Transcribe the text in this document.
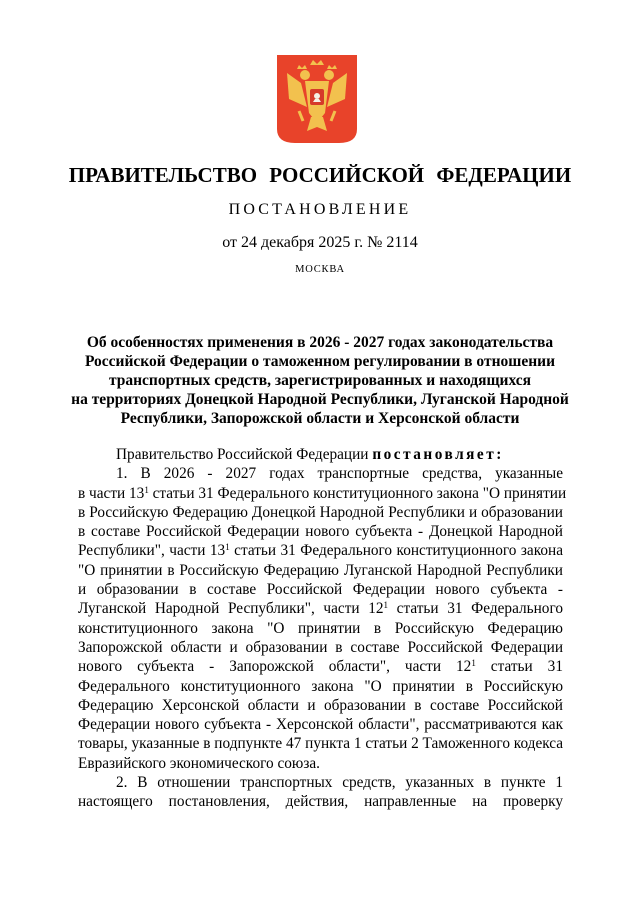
ПРАВИТЕЛЬСТВО РОССИЙСКОЙ ФЕДЕРАЦИИ
ПОСТАНОВЛЕНИЕ
от 24 декабря 2025 г. № 2114
МОСКВА
Об особенностях применения в 2026 - 2027 годах законодательства
Российской Федерации о таможенном регулировании в отношении
транспортных средств, зарегистрированных и находящихся
на территориях Донецкой Народной Республики, Луганской Народной
Республики, Запорожской области и Херсонской области
Правительство Российской Федерации постановляет:
1. В 2026 - 2027 годах транспортные средства, указанные
в части $13^1$ статьи 31 Федерального конституционного закона "О принятии
в Российскую Федерацию Донецкой Народной Республики и образовании
в составе Российской Федерации нового субъекта - Донецкой Народной
Республики", части $13^1$ статьи 31 Федерального конституционного закона
"О принятии в Российскую Федерацию Луганской Народной Республики
и образовании в составе Российской Федерации нового субъекта -
Луганской Народной Республики", части $12^1$ статьи 31 Федерального
конституционного закона "О принятии в Российскую Федерацию
Запорожской области и образовании в составе Российской Федерации
нового субъекта - Запорожской области", части $12^1$ статьи 31
Федерального конституционного закона "О принятии в Российскую
Федерацию Херсонской области и образовании в составе Российской
Федерации нового субъекта - Херсонской области", рассматриваются как
товары, указанные в подпункте 47 пункта 1 статьи 2 Таможенного кодекса
Евразийского экономического союза.
2. В отношении транспортных средств, указанных в пункте 1
настоящего постановления, действия, направленные на проверку
